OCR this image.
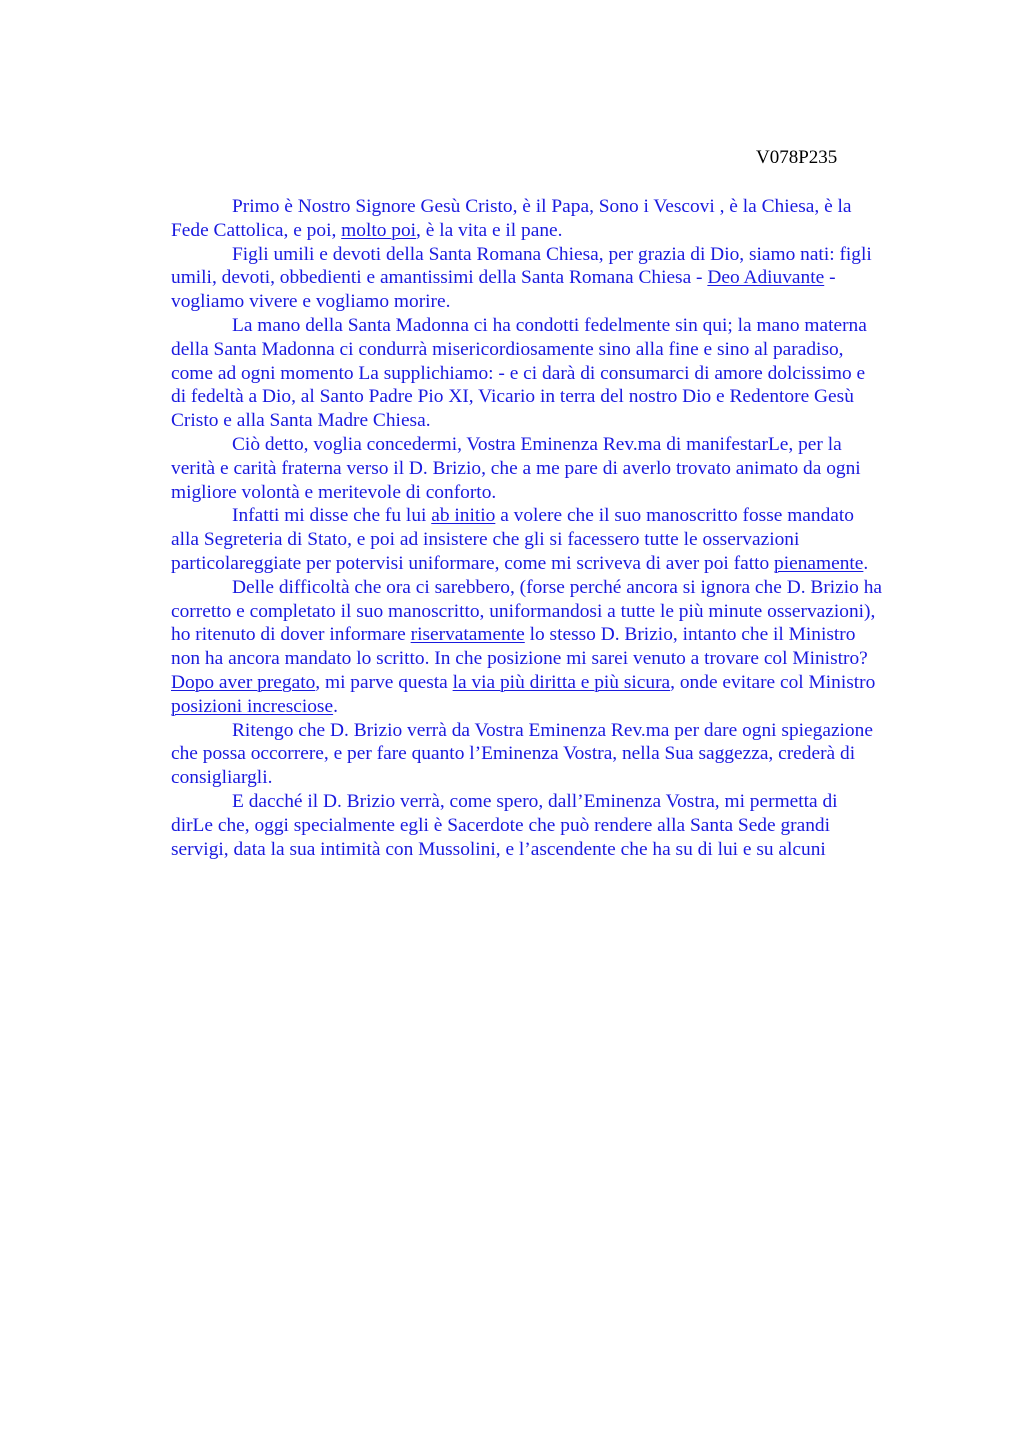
V078P235

Primo è Nostro Signore Gesù Cristo, è il Papa, Sono i Vescovi , è la Chiesa, è la
Fede Cattolica, e poi, molto poi, è la vita e il pane.

Figli umili e devoti della Santa Romana Chiesa, per grazia di Dio, siamo nati: figli
umili, devoti, obbedienti e amantissimi della Santa Romana Chiesa - Deo Adiuvante -
vogliamo vivere e vogliamo morire.

La mano della Santa Madonna ci ha condotti fedelmente sin qui; la mano materna
della Santa Madonna ci condurrà misericordiosamente sino alla fine e sino al paradiso,
come ad ogni momento La supplichiamo: - e ci darà di consumarci di amore dolcissimo e
di fedeltà a Dio, al Santo Padre Pio XI, Vicario in terra del nostro Dio e Redentore Gesù
Cristo e alla Santa Madre Chiesa.

Ciò detto, voglia concedermi, Vostra Eminenza Rev.ma di manifestarLe, per la
verità e carità fraterna verso il D. Brizio, che a me pare di averlo trovato animato da ogni
migliore volontà e meritevole di conforto.

Infatti mi disse che fu lui ab initio a volere che il suo manoscritto fosse mandato
alla Segreteria di Stato, e poi ad insistere che gli si facessero tutte le osservazioni
particolareggiate per potervisi uniformare, come mi scriveva di aver poi fatto pienamente.

Delle difficoltà che ora ci sarebbero, (forse perché ancora si ignora che D. Brizio ha
corretto e completato il suo manoscritto, uniformandosi a tutte le più minute osservazioni),
ho ritenuto di dover informare riservatamente lo stesso D. Brizio, intanto che il Ministro
non ha ancora mandato lo scritto. In che posizione mi sarei venuto a trovare col Ministro?
Dopo aver pregato, mi parve questa la via più diritta e più sicura, onde evitare col Ministro
posizioni incresciose.

Ritengo che D. Brizio verrà da Vostra Eminenza Rev.ma per dare ogni spiegazione
che possa occorrere, e per fare quanto l’Eminenza Vostra, nella Sua saggezza, crederà di
consigliargli.

E dacché il D. Brizio verrà, come spero, dall’Eminenza Vostra, mi permetta di
dirLe che, oggi specialmente egli è Sacerdote che può rendere alla Santa Sede grandi
servigi, data la sua intimità con Mussolini, e l’ascendente che ha su di lui e su alcuni
